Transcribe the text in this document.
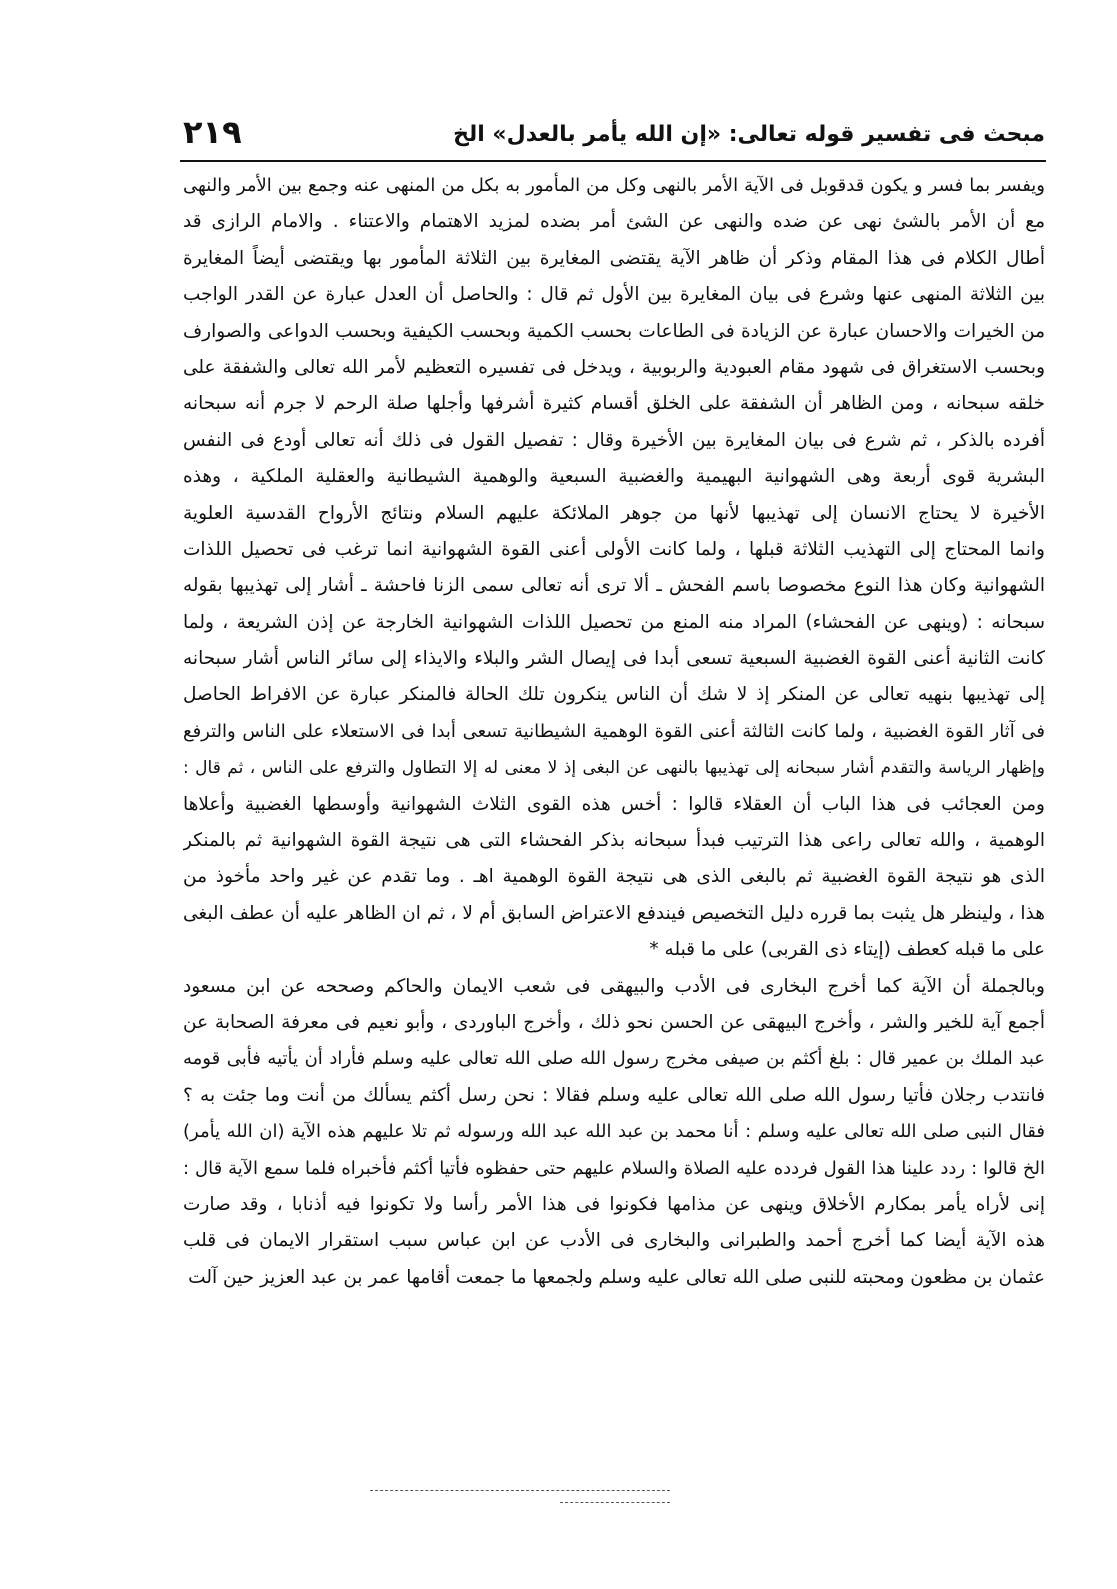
مبحث فى تفسير قوله تعالى: «إن الله يأمر بالعدل» الخ
٢١٩
ويفسر بما فسر و يكون قدقوبل فى الآية الأمر بالنهى وكل من المأمور به بكل من المنهى عنه وجمع بين الأمر والنهى
مع أن الأمر بالشئ نهى عن ضده والنهى عن الشئ أمر بضده لمزيد الاهتمام والاعتناء . والامام الرازى قد
أطال الكلام فى هذا المقام وذكر أن ظاهر الآية يقتضى المغايرة بين الثلاثة المأمور بها ويقتضى أيضاً المغايرة
بين الثلاثة المنهى عنها وشرع فى بيان المغايرة بين الأول ثم قال : والحاصل أن العدل عبارة عن القدر الواجب
من الخيرات والاحسان عبارة عن الزيادة فى الطاعات بحسب الكمية وبحسب الكيفية وبحسب الدواعى والصوارف
وبحسب الاستغراق فى شهود مقام العبودية والربوبية ، ويدخل فى تفسيره التعظيم لأمر الله تعالى والشفقة على
خلقه سبحانه ، ومن الظاهر أن الشفقة على الخلق أقسام كثيرة أشرفها وأجلها صلة الرحم لا جرم أنه سبحانه
أفرده بالذكر ، ثم شرع فى بيان المغايرة بين الأخيرة وقال : تفصيل القول فى ذلك أنه تعالى أودع فى النفس
البشرية قوى أربعة وهى الشهوانية البهيمية والغضبية السبعية والوهمية الشيطانية والعقلية الملكية ، وهذه
الأخيرة لا يحتاج الانسان إلى تهذيبها لأنها من جوهر الملائكة عليهم السلام ونتائج الأرواح القدسية العلوية
وانما المحتاج إلى التهذيب الثلاثة قبلها ، ولما كانت الأولى أعنى القوة الشهوانية انما ترغب فى تحصيل اللذات
الشهوانية وكان هذا النوع مخصوصا باسم الفحش ـ ألا ترى أنه تعالى سمى الزنا فاحشة ـ أشار إلى تهذيبها بقوله
سبحانه : (وينهى عن الفحشاء) المراد منه المنع من تحصيل اللذات الشهوانية الخارجة عن إذن الشريعة ، ولما
كانت الثانية أعنى القوة الغضبية السبعية تسعى أبدا فى إيصال الشر والبلاء والايذاء إلى سائر الناس أشار سبحانه
إلى تهذيبها بنهيه تعالى عن المنكر إذ لا شك أن الناس ينكرون تلك الحالة فالمنكر عبارة عن الافراط الحاصل
فى آثار القوة الغضبية ، ولما كانت الثالثة أعنى القوة الوهمية الشيطانية تسعى أبدا فى الاستعلاء على الناس والترفع
وإظهار الرياسة والتقدم أشار سبحانه إلى تهذيبها بالنهى عن البغى إذ لا معنى له إلا التطاول والترفع على الناس ، ثم قال :
ومن العجائب فى هذا الباب أن العقلاء قالوا : أخس هذه القوى الثلاث الشهوانية وأوسطها الغضبية وأعلاها
الوهمية ، والله تعالى راعى هذا الترتيب فبدأ سبحانه بذكر الفحشاء التى هى نتيجة القوة الشهوانية ثم بالمنكر
الذى هو نتيجة القوة الغضبية ثم بالبغى الذى هى نتيجة القوة الوهمية اهـ . وما تقدم عن غير واحد مأخوذ من
هذا ، ولينظر هل يثبت بما قرره دليل التخصيص فيندفع الاعتراض السابق أم لا ، ثم ان الظاهر عليه أن عطف البغى
على ما قبله كعطف (إيتاء ذى القربى) على ما قبله *
وبالجملة أن الآية كما أخرج البخارى فى الأدب والبيهقى فى شعب الايمان والحاكم وصححه عن ابن مسعود
أجمع آية للخير والشر ، وأخرج البيهقى عن الحسن نحو ذلك ، وأخرج الباوردى ، وأبو نعيم فى معرفة الصحابة عن
عبد الملك بن عمير قال : بلغ أكثم بن صيفى مخرج رسول الله صلى الله تعالى عليه وسلم فأراد أن يأتيه فأبى قومه
فانتدب رجلان فأتيا رسول الله صلى الله تعالى عليه وسلم فقالا : نحن رسل أكثم يسألك من أنت وما جئت به ؟
فقال النبى صلى الله تعالى عليه وسلم : أنا محمد بن عبد الله عبد الله ورسوله ثم تلا عليهم هذه الآية (ان الله يأمر)
الخ قالوا : ردد علينا هذا القول فردده عليه الصلاة والسلام عليهم حتى حفظوه فأتيا أكثم فأخبراه فلما سمع الآية قال :
إنى لأراه يأمر بمكارم الأخلاق وينهى عن مذامها فكونوا فى هذا الأمر رأسا ولا تكونوا فيه أذنابا ، وقد صارت
هذه الآية أيضا كما أخرج أحمد والطبرانى والبخارى فى الأدب عن ابن عباس سبب استقرار الايمان فى قلب
عثمان بن مظعون ومحبته للنبى صلى الله تعالى عليه وسلم ولجمعها ما جمعت أقامها عمر بن عبد العزيز حين آلت
